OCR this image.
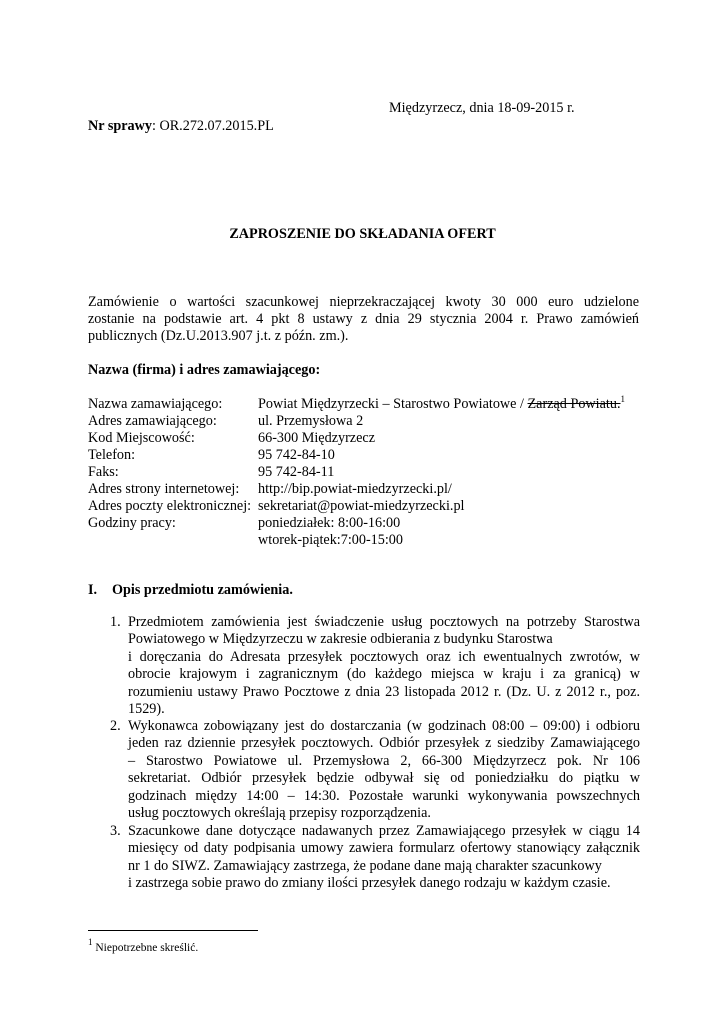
Międzyrzecz, dnia 18-09-2015 r.
Nr sprawy: OR.272.07.2015.PL
ZAPROSZENIE DO SKŁADANIA OFERT
Zamówienie o wartości szacunkowej nieprzekraczającej kwoty 30 000 euro udzielone
zostanie na podstawie art. 4 pkt 8 ustawy z dnia 29 stycznia 2004 r. Prawo zamówień
publicznych (Dz.U.2013.907 j.t. z późn. zm.).
Nazwa (firma) i adres zamawiającego:
Nazwa zamawiającego:	Powiat Międzyrzecki – Starostwo Powiatowe / Zarząd Powiatu.$^1$
Adres zamawiającego:	ul. Przemysłowa 2
Kod Miejscowość:	66-300 Międzyrzecz
Telefon:	95 742-84-10
Faks:	95 742-84-11
Adres strony internetowej: http://bip.powiat-miedzyrzecki.pl/
Adres poczty elektronicznej: sekretariat@powiat-miedzyrzecki.pl
Godziny pracy:	poniedziałek: 8:00-16:00
wtorek-piątek:7:00-15:00
I. Opis przedmiotu zamówienia.
1. Przedmiotem zamówienia jest świadczenie usług pocztowych na potrzeby Starostwa
Powiatowego w Międzyrzeczu w zakresie odbierania z budynku Starostwa
i doręczania do Adresata przesyłek pocztowych oraz ich ewentualnych zwrotów, w
obrocie krajowym i zagranicznym (do każdego miejsca w kraju i za granicą) w
rozumieniu ustawy Prawo Pocztowe z dnia 23 listopada 2012 r. (Dz. U. z 2012 r., poz.
1529).
2. Wykonawca zobowiązany jest do dostarczania (w godzinach 08:00 – 09:00) i odbioru
jeden raz dziennie przesyłek pocztowych. Odbiór przesyłek z siedziby Zamawiającego
– Starostwo Powiatowe ul. Przemysłowa 2, 66-300 Międzyrzecz pok. Nr 106
sekretariat. Odbiór przesyłek będzie odbywał się od poniedziałku do piątku w
godzinach między 14:00 – 14:30. Pozostałe warunki wykonywania powszechnych
usług pocztowych określają przepisy rozporządzenia.
3. Szacunkowe dane dotyczące nadawanych przez Zamawiającego przesyłek w ciągu 14
miesięcy od daty podpisania umowy zawiera formularz ofertowy stanowiący załącznik
nr 1 do SIWZ. Zamawiający zastrzega, że podane dane mają charakter szacunkowy
i zastrzega sobie prawo do zmiany ilości przesyłek danego rodzaju w każdym czasie.
$^1$ Niepotrzebne skreślić.
